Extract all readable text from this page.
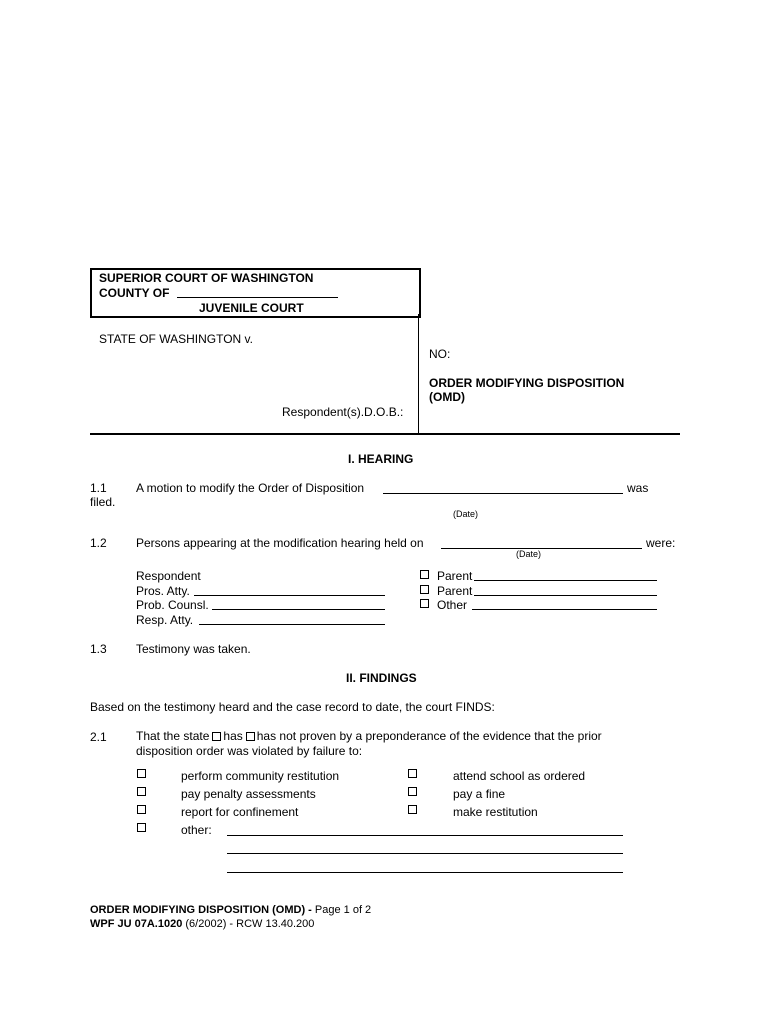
SUPERIOR COURT OF WASHINGTON
COUNTY OF
JUVENILE COURT
STATE OF WASHINGTON v.
Respondent(s).D.O.B.:
NO:
ORDER MODIFYING DISPOSITION
(OMD)
I. HEARING
1.1 A motion to modify the Order of Disposition	was
filed.
(Date)
1.2 Persons appearing at the modification hearing held on	were:
(Date)
Respondent
Pros. Atty.
Prob. Counsl.
Resp. Atty.
Parent
Parent
Other
1.3 Testimony was taken.
II. FINDINGS
Based on the testimony heard and the case record to date, the court FINDS:
2.1 That the state has has not proven by a preponderance of the evidence that the prior
disposition order was violated by failure to:
perform community restitution
pay penalty assessments
report for confinement
other:
attend school as ordered
pay a fine
make restitution
ORDER MODIFYING DISPOSITION (OMD) - Page 1 of 2
WPF JU 07A.1020 (6/2002) - RCW 13.40.200
